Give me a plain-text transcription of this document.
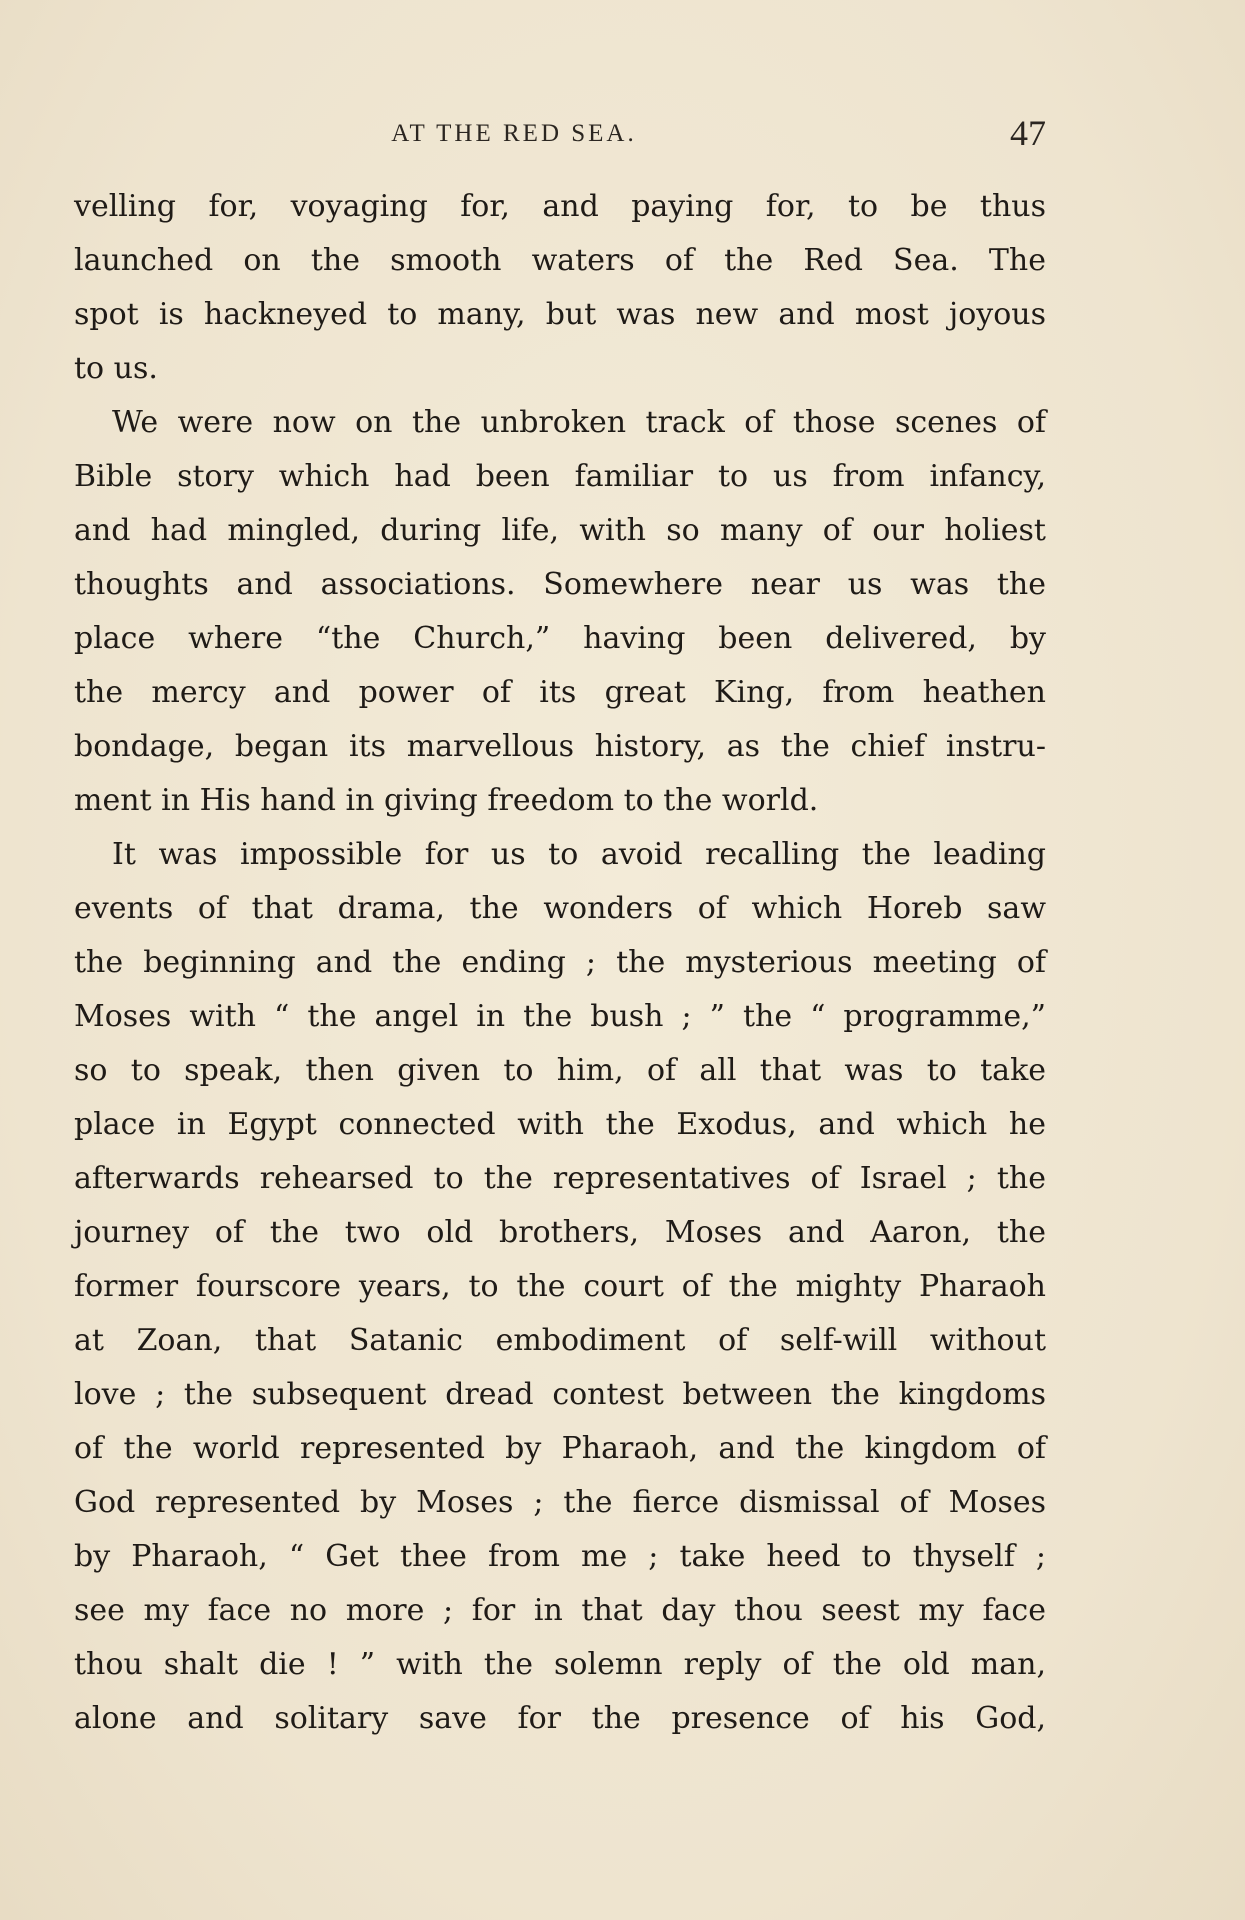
AT THE RED SEA.	47
velling for, voyaging for, and paying for, to be thus
launched on the smooth waters of the Red Sea. The
spot is hackneyed to many, but was new and most joyous
to us.
We were now on the unbroken track of those scenes of
Bible story which had been familiar to us from infancy,
and had mingled, during life, with so many of our holiest
thoughts and associations. Somewhere near us was the
place where “the Church,” having been delivered, by
the mercy and power of its great King, from heathen
bondage, began its marvellous history, as the chief instru-
ment in His hand in giving freedom to the world.
It was impossible for us to avoid recalling the leading
events of that drama, the wonders of which Horeb saw
the beginning and the ending ; the mysterious meeting of
Moses with “ the angel in the bush ; ” the “ programme,”
so to speak, then given to him, of all that was to take
place in Egypt connected with the Exodus, and which he
afterwards rehearsed to the representatives of Israel ; the
journey of the two old brothers, Moses and Aaron, the
former fourscore years, to the court of the mighty Pharaoh
at Zoan, that Satanic embodiment of self-will without
love ; the subsequent dread contest between the kingdoms
of the world represented by Pharaoh, and the kingdom of
God represented by Moses ; the fierce dismissal of Moses
by Pharaoh, “ Get thee from me ; take heed to thyself ;
see my face no more ; for in that day thou seest my face
thou shalt die ! ” with the solemn reply of the old man,
alone and solitary save for the presence of his God,
